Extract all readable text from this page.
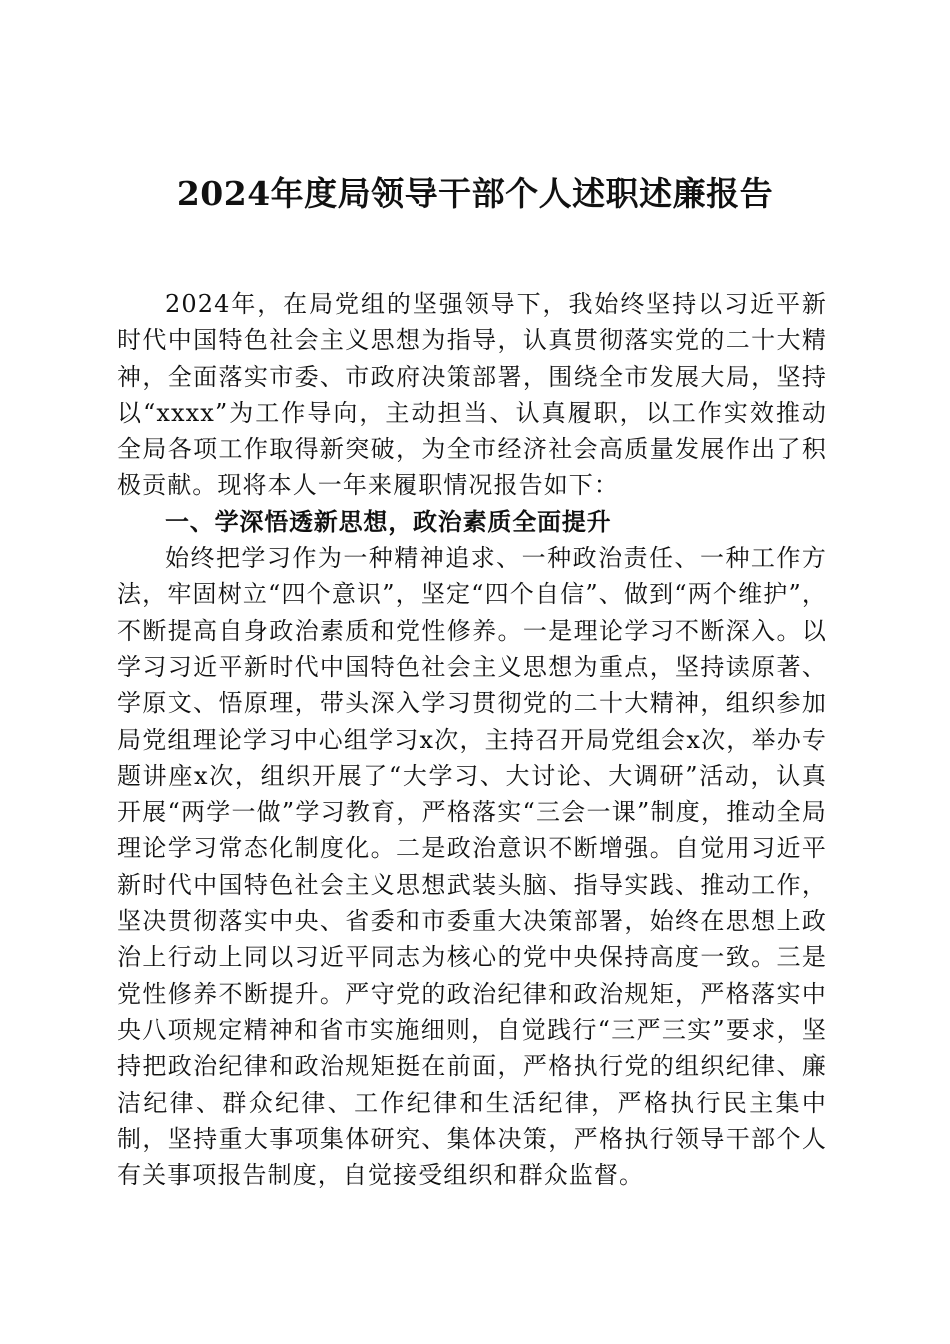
2024年度局领导干部个人述职述廉报告

2024年，在局党组的坚强领导下，我始终坚持以习近平新时代中国特色社会主义思想为指导，认真贯彻落实党的二十大精神，全面落实市委、市政府决策部署，围绕全市发展大局，坚持以“xxxx”为工作导向，主动担当、认真履职，以工作实效推动全局各项工作取得新突破，为全市经济社会高质量发展作出了积极贡献。现将本人一年来履职情况报告如下：

一、学深悟透新思想，政治素质全面提升

始终把学习作为一种精神追求、一种政治责任、一种工作方法，牢固树立“四个意识”，坚定“四个自信”、做到“两个维护”，不断提高自身政治素质和党性修养。一是理论学习不断深入。以学习习近平新时代中国特色社会主义思想为重点，坚持读原著、学原文、悟原理，带头深入学习贯彻党的二十大精神，组织参加局党组理论学习中心组学习x次，主持召开局党组会x次，举办专题讲座x次，组织开展了“大学习、大讨论、大调研”活动，认真开展“两学一做”学习教育，严格落实“三会一课”制度，推动全局理论学习常态化制度化。二是政治意识不断增强。自觉用习近平新时代中国特色社会主义思想武装头脑、指导实践、推动工作，坚决贯彻落实中央、省委和市委重大决策部署，始终在思想上政治上行动上同以习近平同志为核心的党中央保持高度一致。三是党性修养不断提升。严守党的政治纪律和政治规矩，严格落实中央八项规定精神和省市实施细则，自觉践行“三严三实”要求，坚持把政治纪律和政治规矩挺在前面，严格执行党的组织纪律、廉洁纪律、群众纪律、工作纪律和生活纪律，严格执行民主集中制，坚持重大事项集体研究、集体决策，严格执行领导干部个人有关事项报告制度，自觉接受组织和群众监督。
